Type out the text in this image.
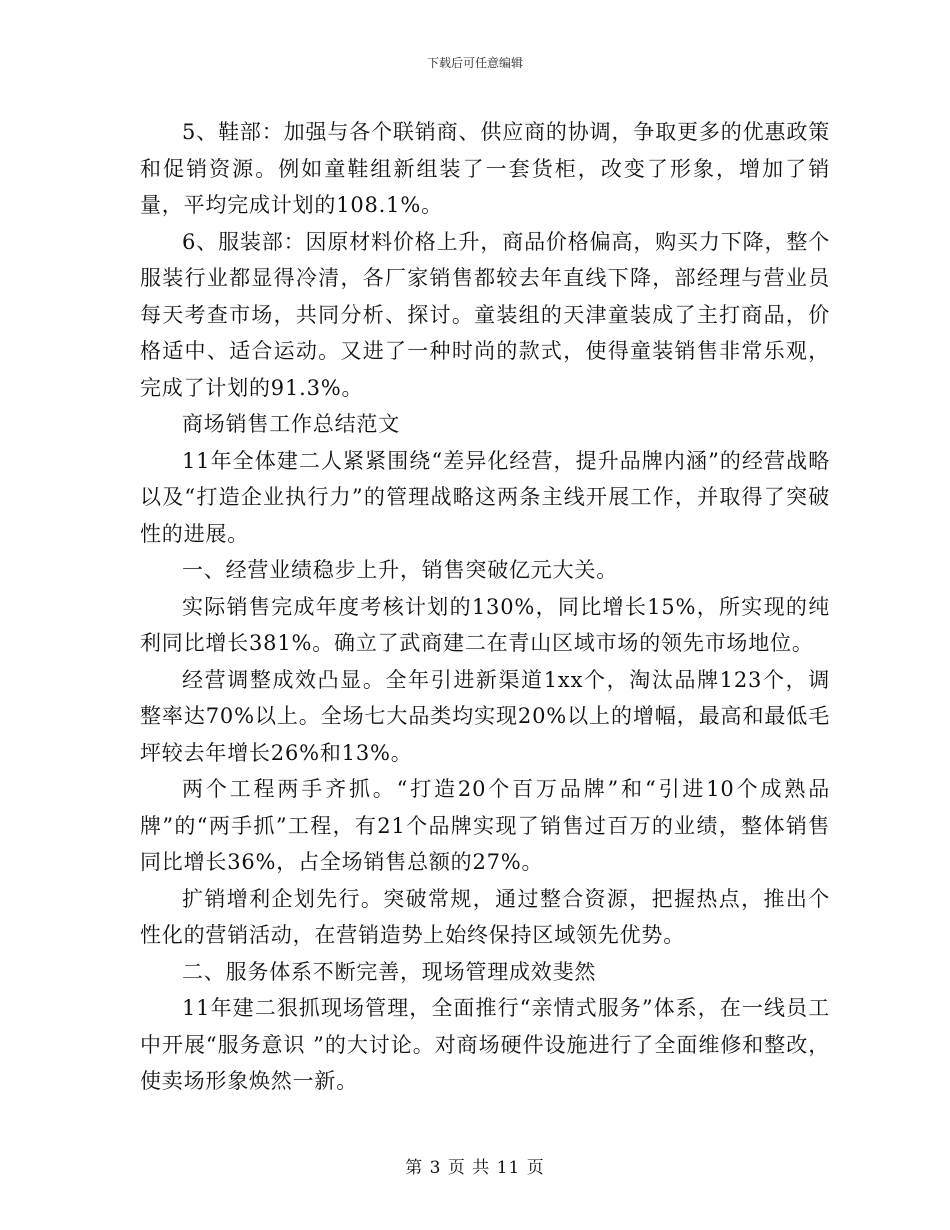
下载后可任意编辑

5、鞋部：加强与各个联销商、供应商的协调，争取更多的优惠政策和促销资源。例如童鞋组新组装了一套货柜，改变了形象，增加了销量，平均完成计划的108.1%。

6、服装部：因原材料价格上升，商品价格偏高，购买力下降，整个服装行业都显得冷清，各厂家销售都较去年直线下降，部经理与营业员每天考查市场，共同分析、探讨。童装组的天津童装成了主打商品，价格适中、适合运动。又进了一种时尚的款式，使得童装销售非常乐观，完成了计划的91.3%。

商场销售工作总结范文

11年全体建二人紧紧围绕“差异化经营，提升品牌内涵”的经营战略以及“打造企业执行力”的管理战略这两条主线开展工作，并取得了突破性的进展。

一、经营业绩稳步上升，销售突破亿元大关。

实际销售完成年度考核计划的130%，同比增长15%，所实现的纯利同比增长381%。确立了武商建二在青山区域市场的领先市场地位。

经营调整成效凸显。全年引进新渠道1xx个，淘汰品牌123个，调整率达70%以上。全场七大品类均实现20%以上的增幅，最高和最低毛坪较去年增长26%和13%。

两个工程两手齐抓。“打造20个百万品牌”和“引进10个成熟品牌”的“两手抓”工程，有21个品牌实现了销售过百万的业绩，整体销售同比增长36%，占全场销售总额的27%。

扩销增利企划先行。突破常规，通过整合资源，把握热点，推出个性化的营销活动，在营销造势上始终保持区域领先优势。

二、服务体系不断完善，现场管理成效斐然

11年建二狠抓现场管理，全面推行“亲情式服务”体系，在一线员工中开展“服务意识 ”的大讨论。对商场硬件设施进行了全面维修和整改，使卖场形象焕然一新。

第 3 页 共 11 页
